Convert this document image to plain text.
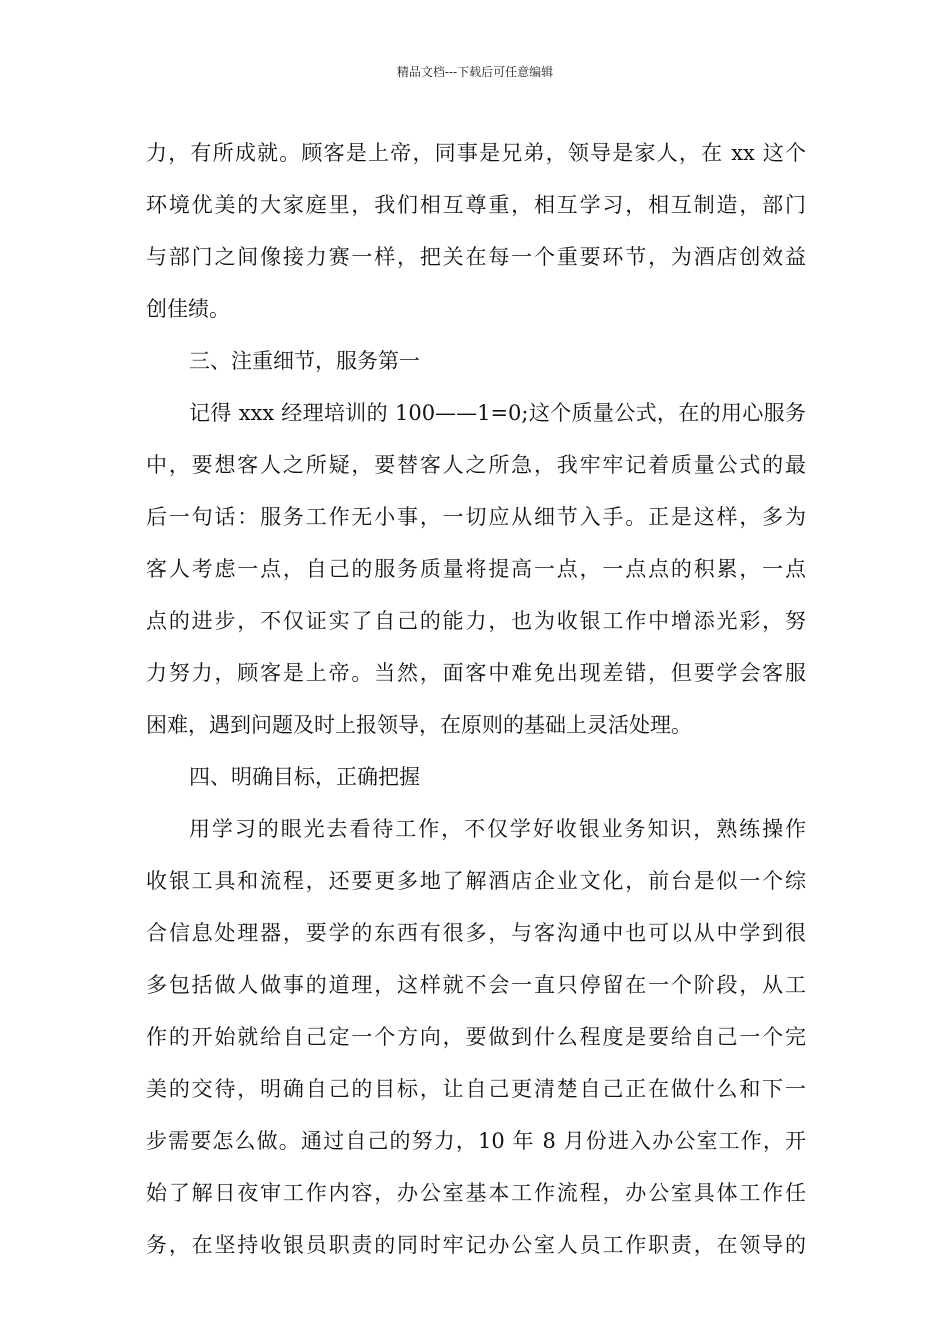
精品文档---下载后可任意编辑
力，有所成就。顾客是上帝，同事是兄弟，领导是家人，在 xx 这个
环境优美的大家庭里，我们相互尊重，相互学习，相互制造，部门
与部门之间像接力赛一样，把关在每一个重要环节，为酒店创效益
创佳绩。
三、注重细节，服务第一
记得 xxx 经理培训的 100——1=0;这个质量公式，在的用心服务
中，要想客人之所疑，要替客人之所急，我牢牢记着质量公式的最
后一句话：服务工作无小事，一切应从细节入手。正是这样，多为
客人考虑一点，自己的服务质量将提高一点，一点点的积累，一点
点的进步，不仅证实了自己的能力，也为收银工作中增添光彩，努
力努力，顾客是上帝。当然，面客中难免出现差错，但要学会客服
困难，遇到问题及时上报领导，在原则的基础上灵活处理。
四、明确目标，正确把握
用学习的眼光去看待工作，不仅学好收银业务知识，熟练操作
收银工具和流程，还要更多地了解酒店企业文化，前台是似一个综
合信息处理器，要学的东西有很多，与客沟通中也可以从中学到很
多包括做人做事的道理，这样就不会一直只停留在一个阶段，从工
作的开始就给自己定一个方向，要做到什么程度是要给自己一个完
美的交待，明确自己的目标，让自己更清楚自己正在做什么和下一
步需要怎么做。通过自己的努力，10 年 8 月份进入办公室工作，开
始了解日夜审工作内容，办公室基本工作流程，办公室具体工作任
务，在坚持收银员职责的同时牢记办公室人员工作职责，在领导的
